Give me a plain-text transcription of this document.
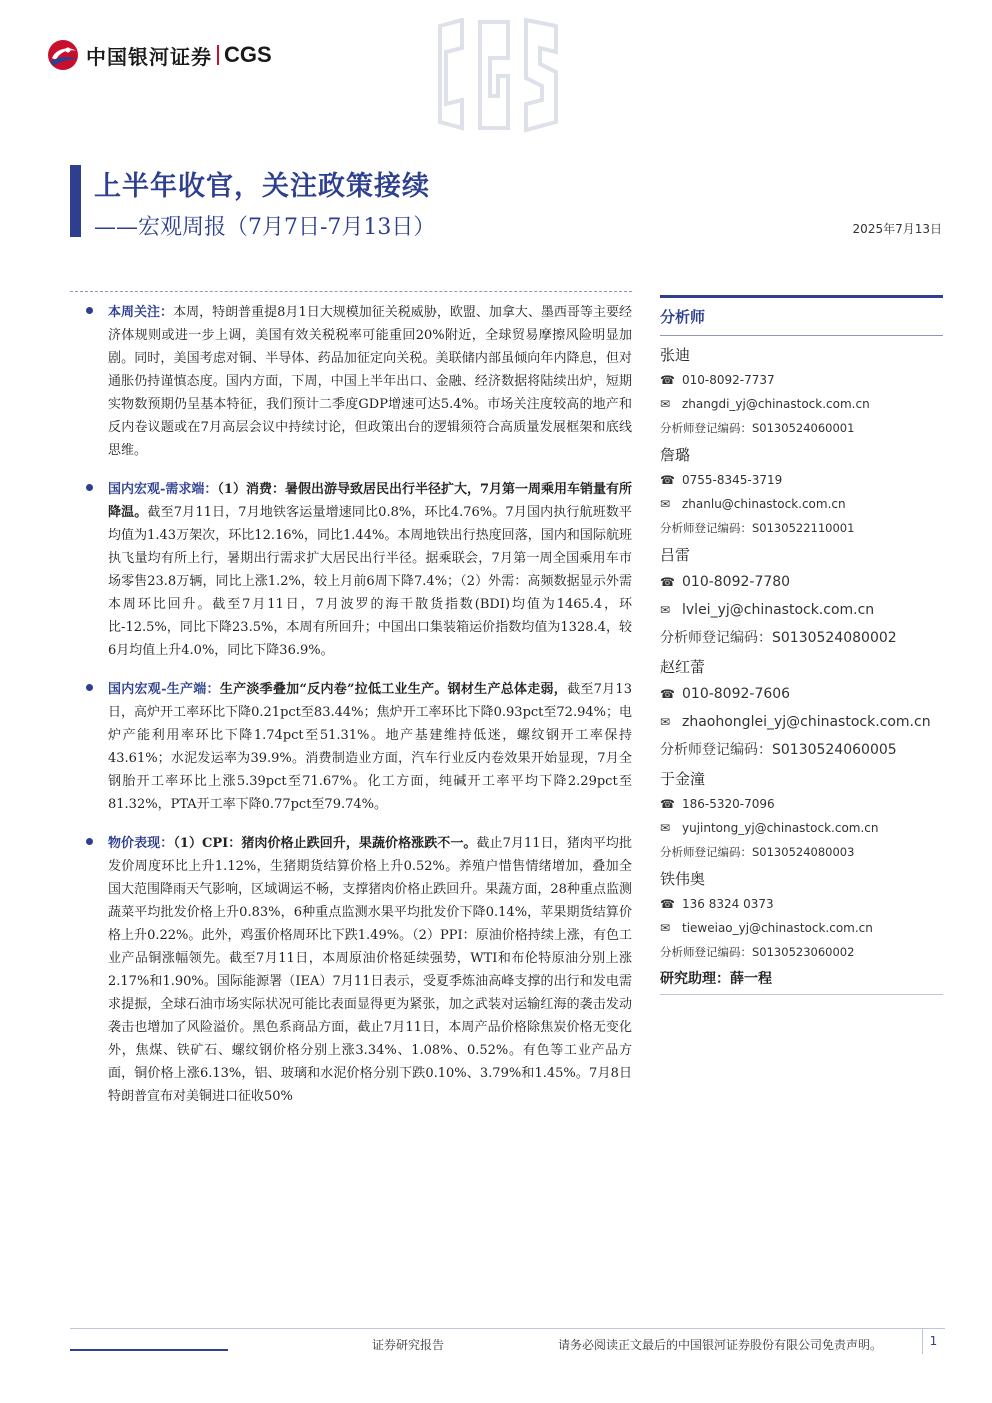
中国银河证券 CGS
上半年收官，关注政策接续
——宏观周报（7月7日-7月13日）	2025年7月13日
本周关注：本周，特朗普重提8月1日大规模加征关税威胁，欧盟、加拿大、墨西哥等主要经济体规则或进一步上调，美国有效关税税率可能重回20%附近，全球贸易摩擦风险明显加剧。同时，美国考虑对铜、半导体、药品加征定向关税。美联储内部虽倾向年内降息，但对通胀仍持谨慎态度。国内方面，下周，中国上半年出口、金融、经济数据将陆续出炉，短期实物数预期仍呈基本特征，我们预计二季度GDP增速可达5.4%。市场关注度较高的地产和反内卷议题或在7月高层会议中持续讨论，但政策出台的逻辑须符合高质量发展框架和底线思维。
国内宏观-需求端：（1）消费：暑假出游导致居民出行半径扩大，7月第一周乘用车销量有所降温。截至7月11日，7月地铁客运量增速同比0.8%，环比4.76%。7月国内执行航班数平均值为1.43万架次，环比12.16%，同比1.44%。本周地铁出行热度回落，国内和国际航班执飞量均有所上行，暑期出行需求扩大居民出行半径。据乘联会，7月第一周全国乘用车市场零售23.8万辆，同比上涨1.2%，较上月前6周下降7.4%；（2）外需：高频数据显示外需本周环比回升。截至7月11日，7月波罗的海干散货指数(BDI)均值为1465.4，环比-12.5%，同比下降23.5%，本周有所回升；中国出口集装箱运价指数均值为1328.4，较6月均值上升4.0%，同比下降36.9%。
国内宏观-生产端：生产淡季叠加“反内卷”拉低工业生产。钢材生产总体走弱，截至7月13日，高炉开工率环比下降0.21pct至83.44%；焦炉开工率环比下降0.93pct至72.94%；电炉产能利用率环比下降1.74pct至51.31%。地产基建维持低迷，螺纹钢开工率保持43.61%；水泥发运率为39.9%。消费制造业方面，汽车行业反内卷效果开始显现，7月全钢胎开工率环比上涨5.39pct至71.67%。化工方面，纯碱开工率平均下降2.29pct至81.32%，PTA开工率下降0.77pct至79.74%。
物价表现：（1）CPI：猪肉价格止跌回升，果蔬价格涨跌不一。截止7月11日，猪肉平均批发价周度环比上升1.12%，生猪期货结算价格上升0.52%。养殖户惜售情绪增加，叠加全国大范围降雨天气影响，区域调运不畅，支撑猪肉价格止跌回升。果蔬方面，28种重点监测蔬菜平均批发价格上升0.83%，6种重点监测水果平均批发价下降0.14%，苹果期货结算价格上升0.22%。此外，鸡蛋价格周环比下跌1.49%。（2）PPI：原油价格持续上涨，有色工业产品铜涨幅领先。截至7月11日，本周原油价格延续强势，WTI和布伦特原油分别上涨2.17%和1.90%。国际能源署（IEA）7月11日表示，受夏季炼油高峰支撑的出行和发电需求提振，全球石油市场实际状况可能比表面显得更为紧张，加之武装对运输红海的袭击发动袭击也增加了风险溢价。黑色系商品方面，截止7月11日，本周产品价格除焦炭价格无变化外，焦煤、铁矿石、螺纹钢价格分别上涨3.34%、1.08%、0.52%。有色等工业产品方面，铜价格上涨6.13%，铝、玻璃和水泥价格分别下跌0.10%、3.79%和1.45%。7月8日特朗普宣布对美铜进口征收50%
分析师
张迪
☎ 010-8092-7737
✉ zhangdi_yj@chinastock.com.cn
分析师登记编码：S0130524060001
詹璐
☎ 0755-8345-3719
✉ zhanlu@chinastock.com.cn
分析师登记编码：S0130522110001
吕雷
☎ 010-8092-7780
✉ lvlei_yj@chinastock.com.cn
分析师登记编码：S0130524080002
赵红蕾
☎ 010-8092-7606
✉ zhaohonglei_yj@chinastock.com.cn
分析师登记编码：S0130524060005
于金潼
☎ 186-5320-7096
✉ yujintong_yj@chinastock.com.cn
分析师登记编码：S0130524080003
铁伟奥
☎ 136 8324 0373
✉ tieweiao_yj@chinastock.com.cn
分析师登记编码：S0130523060002
研究助理：薛一程
证券研究报告	请务必阅读正文最后的中国银河证券股份有限公司免责声明。	1
